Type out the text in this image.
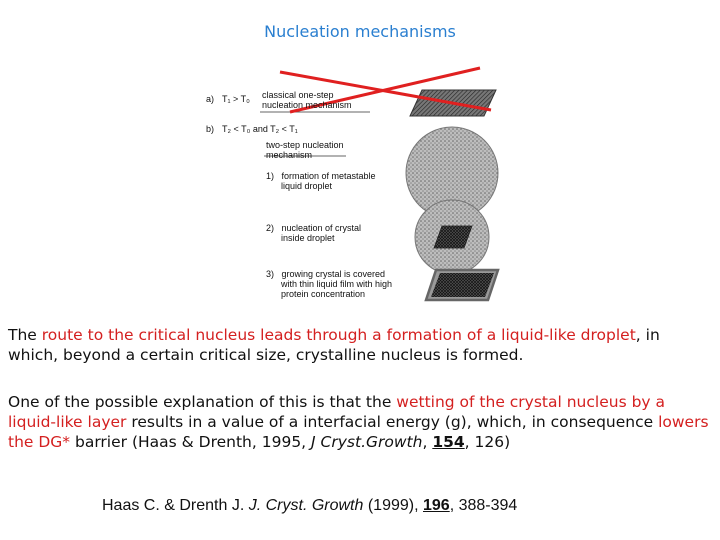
Nucleation mechanisms
a) T₁ > T₀ classical one-step nucleation mechanism
b) T₂ < T₀ and T₂ < T₁
two-step nucleation mechanism
1)   formation of metastable
liquid droplet
2)   nucleation of crystal
inside droplet
3)   growing crystal is covered
with thin liquid film with high
protein concentration
The route to the critical nucleus leads through a formation of a liquid-like droplet, in which, beyond a certain critical size, crystalline nucleus is formed.
One of the possible explanation of this is that the wetting of the crystal nucleus by a liquid-like layer results in a value of a interfacial energy (g), which, in consequence lowers the DG* barrier (Haas & Drenth, 1995, J Cryst.Growth, 154, 126)
Haas C. & Drenth J. J. Cryst. Growth (1999), 196, 388-394
